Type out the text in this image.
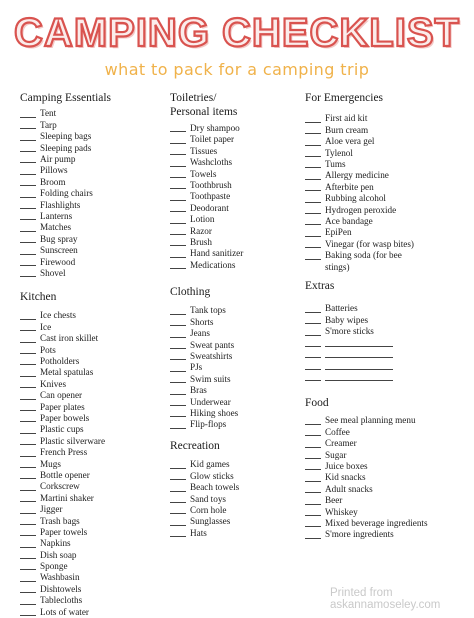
CAMPING CHECKLIST
what to pack for a camping trip
Camping Essentials
Tent
Tarp
Sleeping bags
Sleeping pads
Air pump
Pillows
Broom
Folding chairs
Flashlights
Lanterns
Matches
Bug spray
Sunscreen
Firewood
Shovel
Kitchen
Ice chests
Ice
Cast iron skillet
Pots
Potholders
Metal spatulas
Knives
Can opener
Paper plates
Paper bowels
Plastic cups
Plastic silverware
French Press
Mugs
Bottle opener
Corkscrew
Martini shaker
Jigger
Trash bags
Paper towels
Napkins
Dish soap
Sponge
Washbasin
Dishtowels
Tablecloths
Lots of water
Toiletries/
Personal items
Dry shampoo
Toilet paper
Tissues
Washcloths
Towels
Toothbrush
Toothpaste
Deodorant
Lotion
Razor
Brush
Hand sanitizer
Medications
Clothing
Tank tops
Shorts
Jeans
Sweat pants
Sweatshirts
PJs
Swim suits
Bras
Underwear
Hiking shoes
Flip-flops
Recreation
Kid games
Glow sticks
Beach towels
Sand toys
Corn hole
Sunglasses
Hats
For Emergencies
First aid kit
Burn cream
Aloe vera gel
Tylenol
Tums
Allergy medicine
Afterbite pen
Rubbing alcohol
Hydrogen peroxide
Ace bandage
EpiPen
Vinegar (for wasp bites)
Baking soda (for bee
stings)
Extras
Batteries
Baby wipes
S'more sticks
Food
See meal planning menu
Coffee
Creamer
Sugar
Juice boxes
Kid snacks
Adult snacks
Beer
Whiskey
Mixed beverage ingredients
S'more ingredients
Printed from askannamoseley.com
